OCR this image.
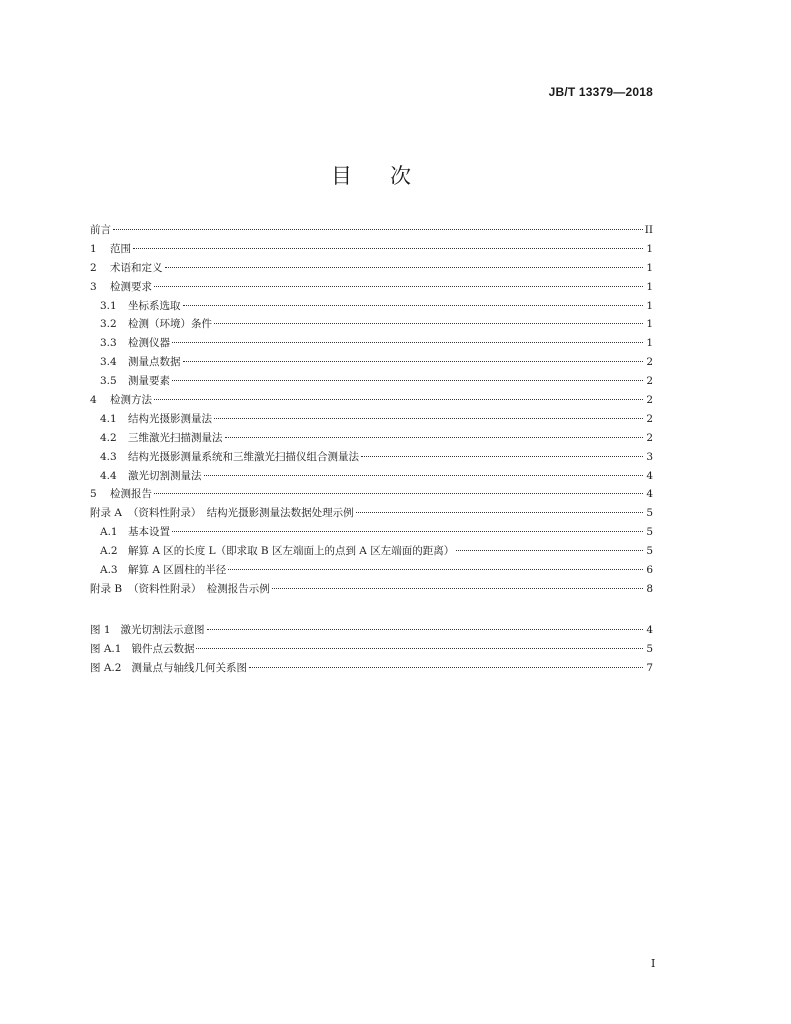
JB/T 13379—2018
目次
前言	II
1	范围	1
2	术语和定义	1
3	检测要求	1
3.1	坐标系选取	1
3.2	检测（环境）条件	1
3.3	检测仪器	1
3.4	测量点数据	2
3.5	测量要素	2
4	检测方法	2
4.1	结构光摄影测量法	2
4.2	三维激光扫描测量法	2
4.3	结构光摄影测量系统和三维激光扫描仪组合测量法	3
4.4	激光切割测量法	4
5	检测报告	4
附录 A （资料性附录）　结构光摄影测量法数据处理示例	5
A.1 基本设置	5
A.2 解算 A 区的长度 L（即求取 B 区左端面上的点到 A 区左端面的距离）	5
A.3 解算 A 区圆柱的半径	6
附录 B （资料性附录）　检测报告示例	8
图 1 激光切割法示意图	4
图 A.1 锻件点云数据	5
图 A.2 测量点与轴线几何关系图	7
I
